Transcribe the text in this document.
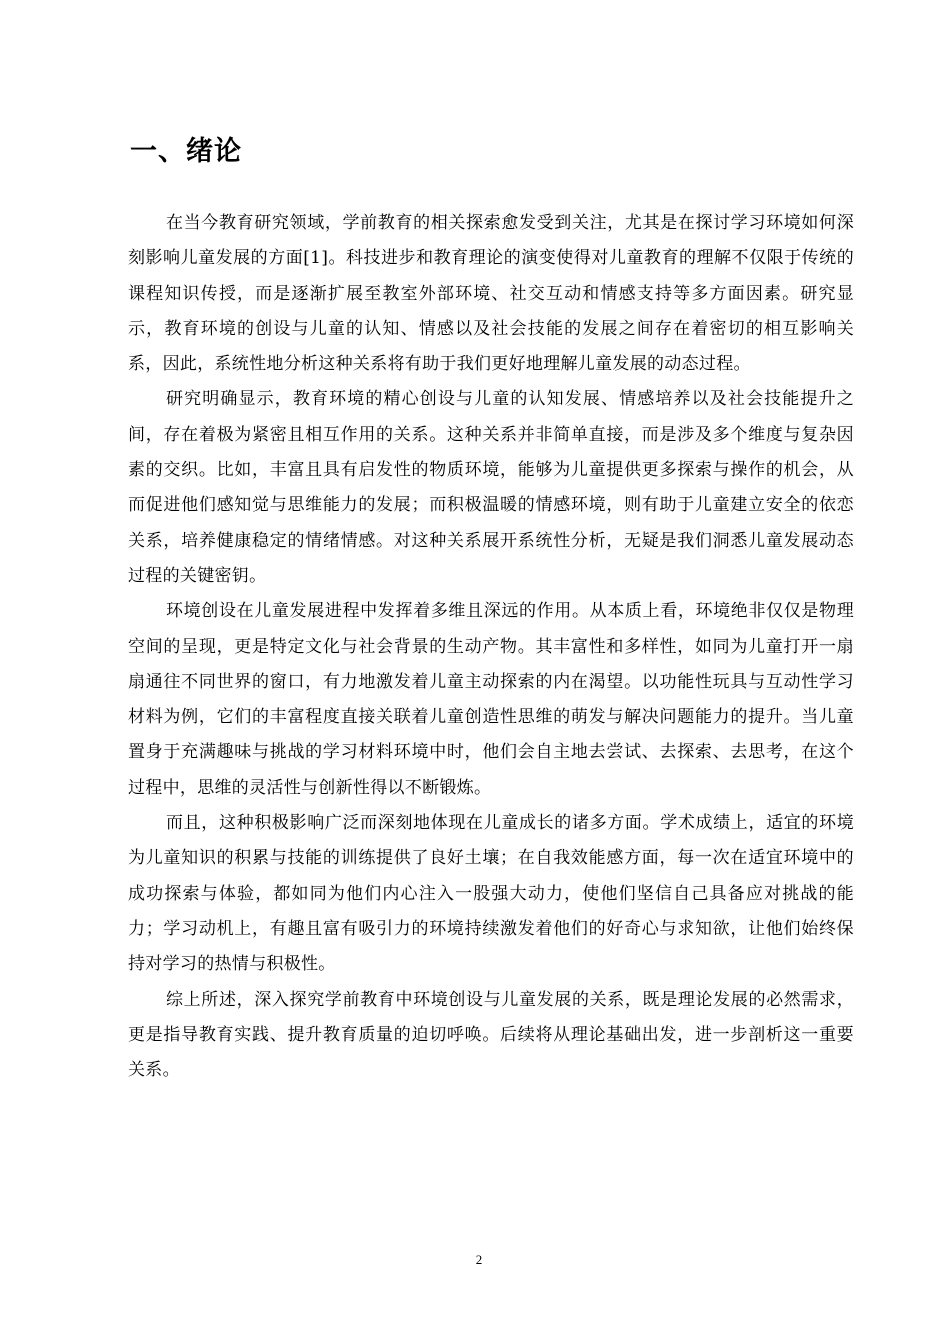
一、绪论

在当今教育研究领域，学前教育的相关探索愈发受到关注，尤其是在探讨学习环境如何深刻影响儿童发展的方面[1]。科技进步和教育理论的演变使得对儿童教育的理解不仅限于传统的课程知识传授，而是逐渐扩展至教室外部环境、社交互动和情感支持等多方面因素。研究显示，教育环境的创设与儿童的认知、情感以及社会技能的发展之间存在着密切的相互影响关系，因此，系统性地分析这种关系将有助于我们更好地理解儿童发展的动态过程。

研究明确显示，教育环境的精心创设与儿童的认知发展、情感培养以及社会技能提升之间，存在着极为紧密且相互作用的关系。这种关系并非简单直接，而是涉及多个维度与复杂因素的交织。比如，丰富且具有启发性的物质环境，能够为儿童提供更多探索与操作的机会，从而促进他们感知觉与思维能力的发展；而积极温暖的情感环境，则有助于儿童建立安全的依恋关系，培养健康稳定的情绪情感。对这种关系展开系统性分析，无疑是我们洞悉儿童发展动态过程的关键密钥。

环境创设在儿童发展进程中发挥着多维且深远的作用。从本质上看，环境绝非仅仅是物理空间的呈现，更是特定文化与社会背景的生动产物。其丰富性和多样性，如同为儿童打开一扇扇通往不同世界的窗口，有力地激发着儿童主动探索的内在渴望。以功能性玩具与互动性学习材料为例，它们的丰富程度直接关联着儿童创造性思维的萌发与解决问题能力的提升。当儿童置身于充满趣味与挑战的学习材料环境中时，他们会自主地去尝试、去探索、去思考，在这个过程中，思维的灵活性与创新性得以不断锻炼。

而且，这种积极影响广泛而深刻地体现在儿童成长的诸多方面。学术成绩上，适宜的环境为儿童知识的积累与技能的训练提供了良好土壤；在自我效能感方面，每一次在适宜环境中的成功探索与体验，都如同为他们内心注入一股强大动力，使他们坚信自己具备应对挑战的能力；学习动机上，有趣且富有吸引力的环境持续激发着他们的好奇心与求知欲，让他们始终保持对学习的热情与积极性。

综上所述，深入探究学前教育中环境创设与儿童发展的关系，既是理论发展的必然需求，更是指导教育实践、提升教育质量的迫切呼唤。后续将从理论基础出发，进一步剖析这一重要关系。

2
